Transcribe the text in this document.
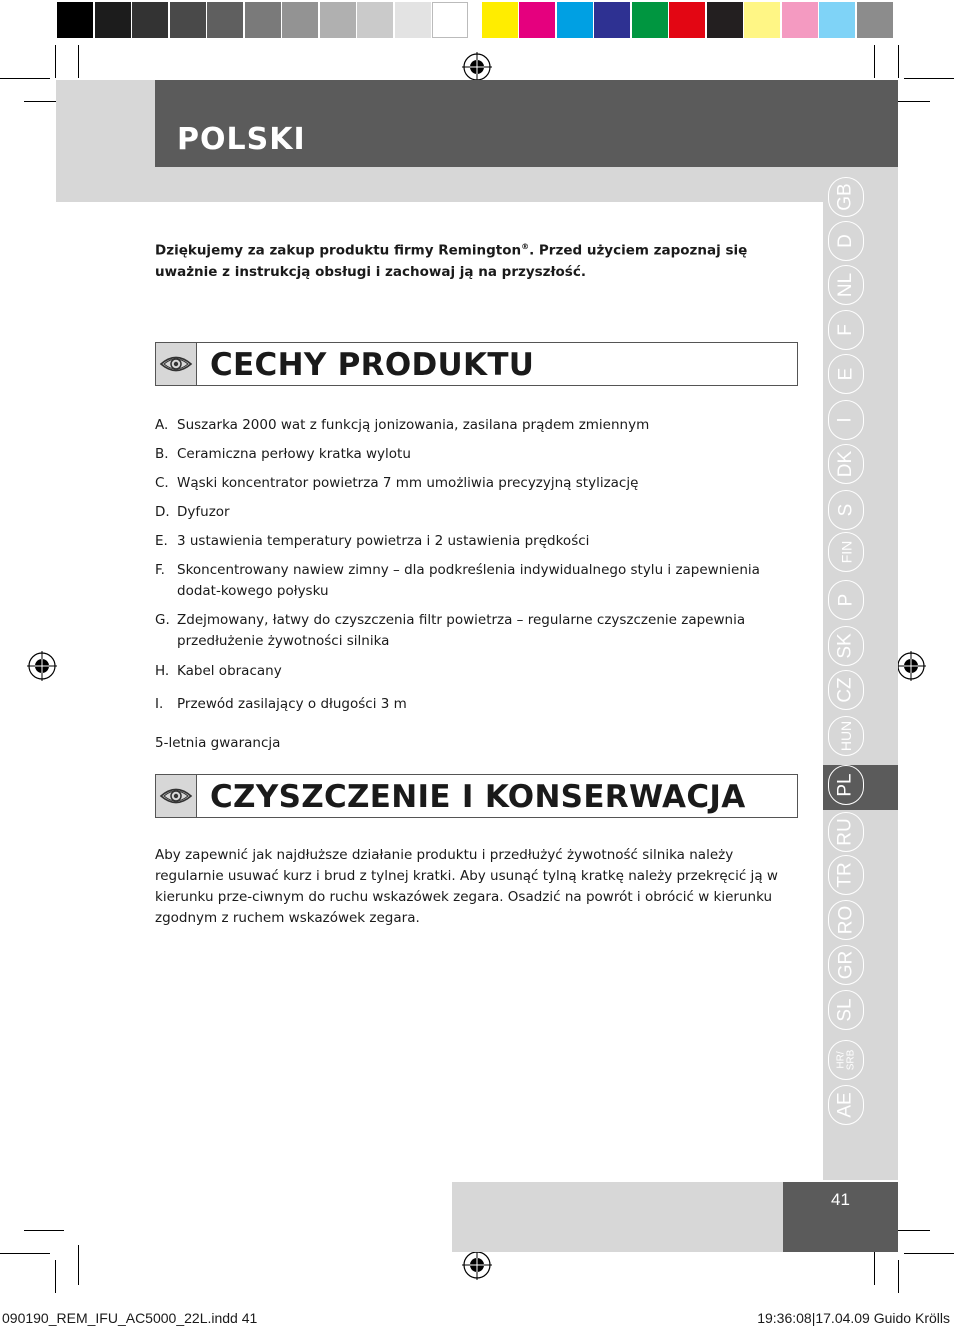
POLSKI
GB
D
NL
F
E
I
DK
S
FIN
P
SK
CZ
HUN
PL
RU
TR
RO
GR
SL
HR/
SRB
AE
Dziękujemy za zakup produktu firmy Remington®. Przed użyciem zapoznaj się
uważnie z instrukcją obsługi i zachowaj ją na przyszłość.
CECHY PRODUKTU
A. Suszarka 2000 wat z funkcją jonizowania, zasilana prądem zmiennym
B. Ceramiczna perłowy kratka wylotu
C. Wąski koncentrator powietrza 7 mm umożliwia precyzyjną stylizację
D. Dyfuzor
E. 3 ustawienia temperatury powietrza i 2 ustawienia prędkości
F. Skoncentrowany nawiew zimny – dla podkreślenia indywidualnego stylu i zapewnienia dodat-kowego połysku
G. Zdejmowany, łatwy do czyszczenia filtr powietrza – regularne czyszczenie zapewnia przedłużenie żywotności silnika
H. Kabel obracany
I.	Przewód zasilający o długości 3 m
5-letnia gwarancja
CZYSZCZENIE I KONSERWACJA
Aby zapewnić jak najdłuższe działanie produktu i przedłużyć żywotność silnika należy regularnie usuwać kurz i brud z tylnej kratki. Aby usunąć tylną kratkę należy przekręcić ją w kierunku prze-ciwnym do ruchu wskazówek zegara. Osadzić na powrót i obrócić w kierunku zgodnym z ruchem wskazówek zegara.
41
090190_REM_IFU_AC5000_22L.indd 41	19:36:08|17.04.09 Guido Krölls
